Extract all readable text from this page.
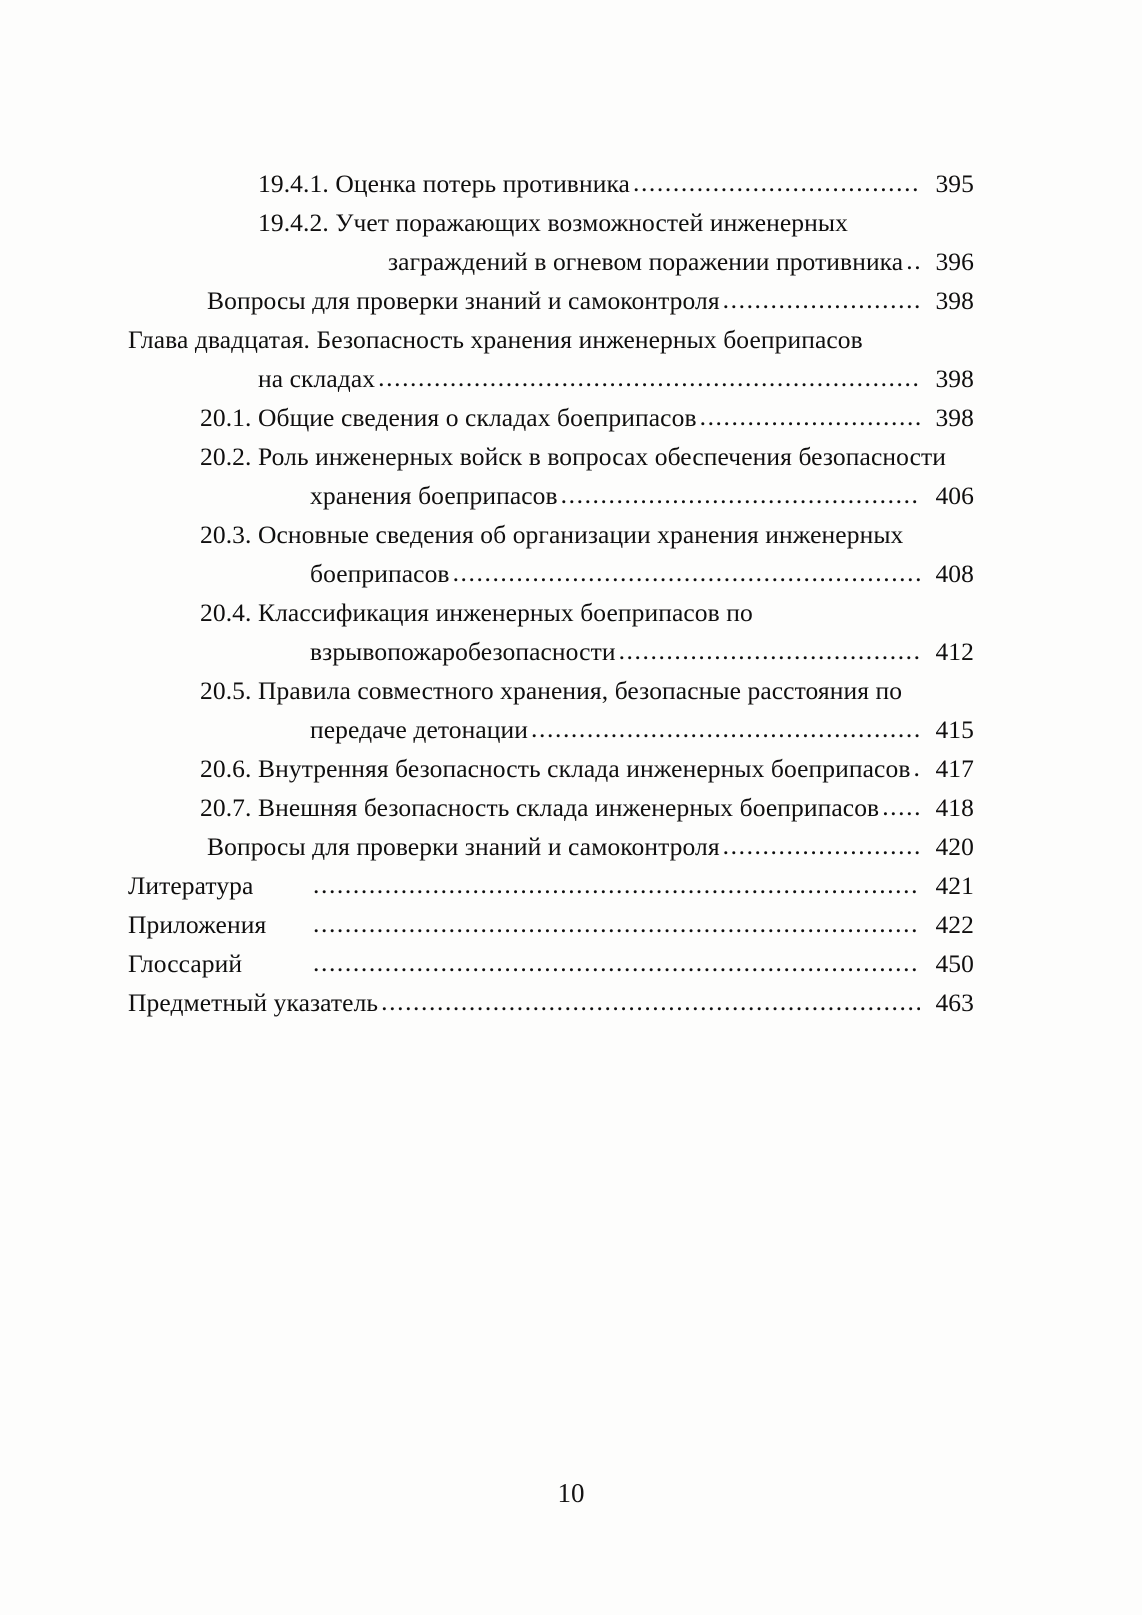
19.4.1.
Оценка потерь противника .....	395
19.4.2.
Учет поражающих возможностей инженерных
заграждений в огневом поражении противника .....	396
Вопросы для проверки знаний и самоконтроля .....	398
Глава двадцатая. Безопасность хранения инженерных боеприпасов
на складах .....	398
20.1.
Общие сведения о складах боеприпасов .....	398
20.2.
Роль инженерных войск в вопросах обеспечения безопасности
хранения боеприпасов .....	406
20.3.
Основные сведения об организации хранения инженерных
боеприпасов .....	408
20.4.
Классификация инженерных боеприпасов по
взрывопожаробезопасности .....	412
20.5.
Правила совместного хранения, безопасные расстояния по
передаче детонации .....	415
20.6.
Внутренняя безопасность склада инженерных боеприпасов ..... 417
20.7.
Внешняя безопасность склада инженерных боеприпасов .....	418
Вопросы для проверки знаний и самоконтроля .....	420
Литература .....	421
Приложения .....	422
Глоссарий .....	450
Предметный указатель .....	463
10
